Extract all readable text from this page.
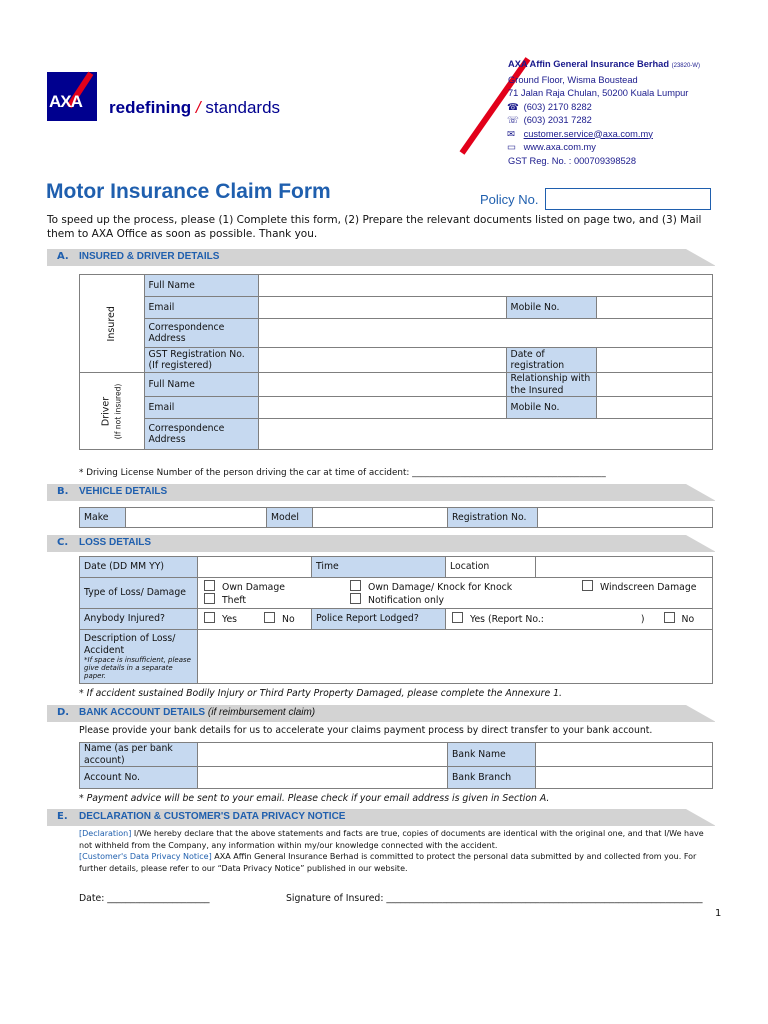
AXA redefining / standards
AXA Affin General Insurance Berhad (23820-W)
Ground Floor, Wisma Boustead
71 Jalan Raja Chulan, 50200 Kuala Lumpur
☎ (603) 2170 8282
☏ (603) 2031 7282
✉ customer.service@axa.com.my
▭ www.axa.com.my
GST Reg. No. : 000709398528
Motor Insurance Claim Form	Policy No.
To speed up the process, please (1) Complete this form, (2) Prepare the relevant documents listed on page two, and (3) Mail them to AXA Office as soon as possible. Thank you.
A. INSURED & DRIVER DETAILS
Insured	Full Name			
	Email		Mobile No.	
	Correspondence Address			
	GST Registration No. (If registered)		Date of registration	
Driver (If not insured)	Full Name		Relationship with the Insured	
	Email		Mobile No.	
	Correspondence Address			
* Driving License Number of the person driving the car at time of accident: ____________________________________________
B. VEHICLE DETAILS
Make		Model		Registration No.	
C. LOSS DETAILS
Date (DD MM YY)		Time	Location	
Type of Loss/ Damage	Own Damage
Theft
Own Damage/ Knock for Knock
Notification only
Windscreen Damage			

Anybody Injured?	Yes No	Police Report Lodged?	Yes (Report No.: ) No	

Description of Loss/ Accident
*If space is insufficient, please give details in a separate paper.				

* If accident sustained Bodily Injury or Third Party Property Damaged, please complete the Annexure 1.
D. BANK ACCOUNT DETAILS (if reimbursement claim)
Please provide your bank details for us to accelerate your claims payment process by direct transfer to your bank account.
Name (as per bank account)		Bank Name	
Account No.		Bank Branch	
* Payment advice will be sent to your email. Please check if your email address is given in Section A.
E. DECLARATION & CUSTOMER'S DATA PRIVACY NOTICE
[Declaration] I/We hereby declare that the above statements and facts are true, copies of documents are identical with the original one, and that I/We have not withheld from the Company, any information within my/our knowledge connected with the accident.
[Customer's Data Privacy Notice] AXA Affin General Insurance Berhad is committed to protect the personal data submitted by and collected from you. For further details, please refer to our “Data Privacy Notice” published in our website.
Date: ______________________	Signature of Insured: ____________________________________________________________________
1
